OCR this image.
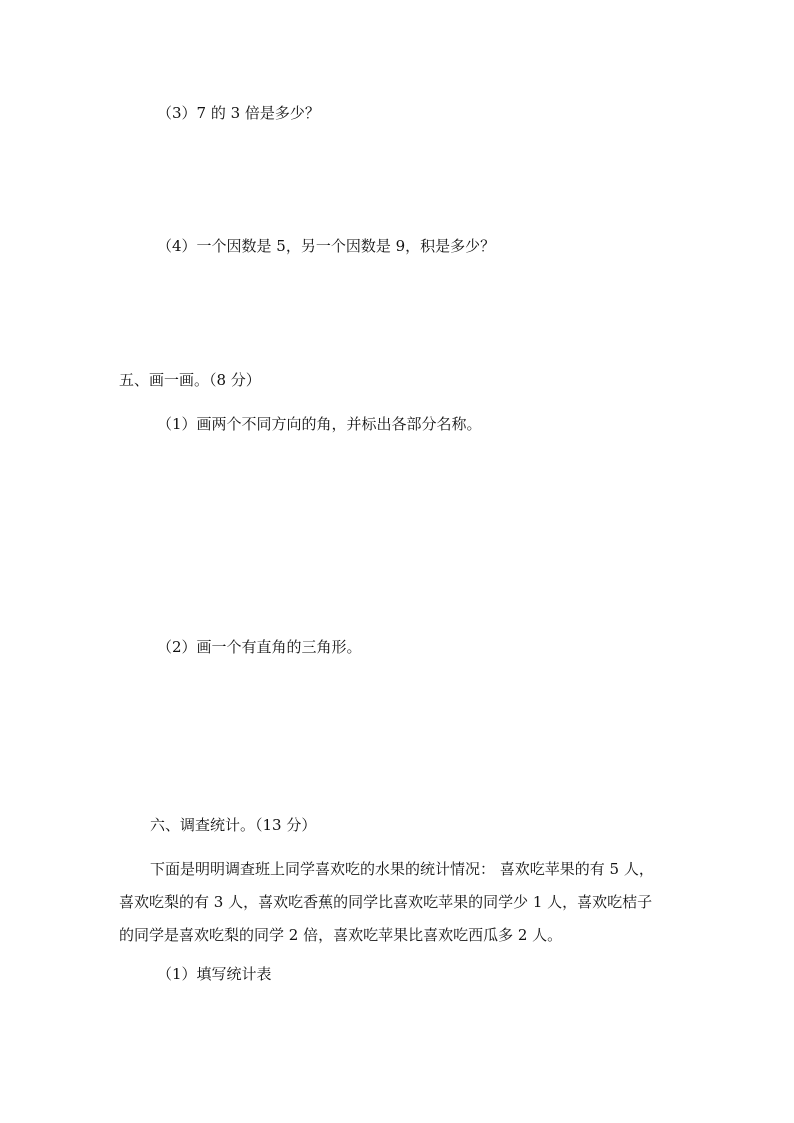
（3）7 的 3 倍是多少？

（4）一个因数是 5，另一个因数是 9，积是多少？

五、画一画。（8 分）

（1）画两个不同方向的角，并标出各部分名称。

（2）画一个有直角的三角形。

六、调查统计。（13 分）

下面是明明调查班上同学喜欢吃的水果的统计情况： 喜欢吃苹果的有 5 人，

喜欢吃梨的有 3 人，喜欢吃香蕉的同学比喜欢吃苹果的同学少 1 人，喜欢吃桔子

的同学是喜欢吃梨的同学 2 倍，喜欢吃苹果比喜欢吃西瓜多 2 人。

（1）填写统计表
